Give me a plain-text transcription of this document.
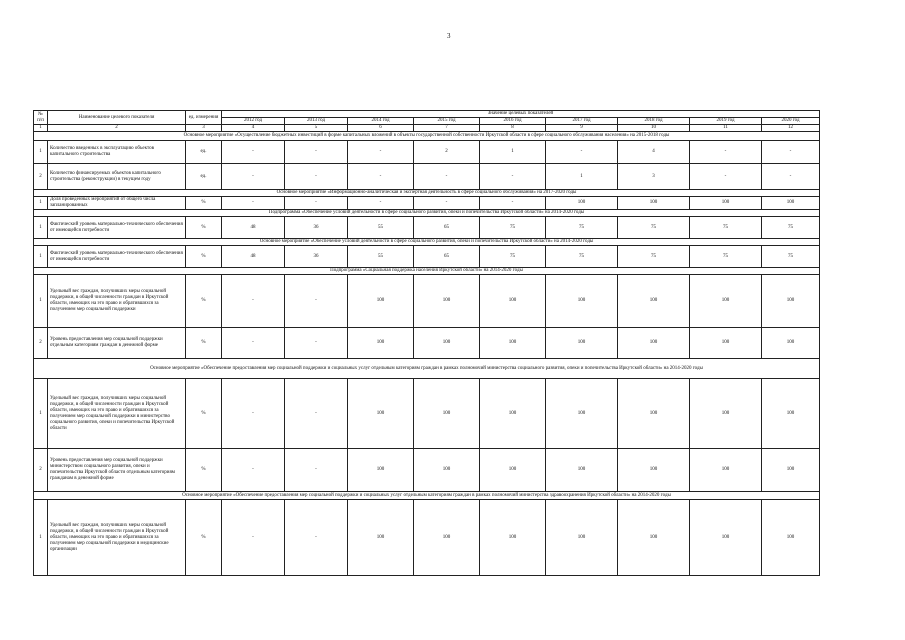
3
№ п/п	Наименование целевого показателя	ед. измерения	Значение целевых показателей								
			2012 год	2013 год	2014 год	2015 год	2016 год	2017 год	2018 год	2019 год	2020 год
1	2	3	4	5	6	7	8	9	10	11	12
Основное мероприятие «Осуществление бюджетных инвестиций в форме капитальных вложений в объекты государственной собственности Иркутской области в сфере социального обслуживания населения» на 2015-2018 годы											
1	Количество введенных в эксплуатацию объектов капитального строительства	ед.	-	-	-	2	1	-	4	-	-
2	Количество финансируемых объектов капитального строительства (реконструкции) в текущем году	ед.	-	-	-	-	-	1	3	-	-
Основное мероприятие «Информационно-аналитическая и экспертная деятельность в сфере социального обслуживания» на 2017-2020 годы											
1	Доля проведенных мероприятий от общего числа запланированных	%	-	-	-	-	-	100	100	100	100
Подпрограмма «Обеспечение условий деятельности в сфере социального развития, опеки и попечительства Иркутской области» на 2014-2020 годы											
1	Фактический уровень материально-технического обеспечения от имеющейся потребности	%	48	36	55	65	75	75	75	75	75
Основное мероприятие «Обеспечение условий деятельности в сфере социального развития, опеки и попечительства Иркутской области» на 2014-2020 годы											
1	Фактический уровень материально-технического обеспечения от имеющейся потребности	%	48	36	55	65	75	75	75	75	75
Подпрограмма «Социальная поддержка населения Иркутской области» на 2014-2020 годы											
1	Удельный вес граждан, получивших меры социальной поддержки, в общей численности граждан в Иркутской области, имеющих на это право и обратившихся за получением мер социальной поддержки	%	-	-	100	100	100	100	100	100	100
2	Уровень предоставления мер социальной поддержки отдельным категориям граждан в денежной форме	%	-	-	100	100	100	100	100	100	100
Основное мероприятие «Обеспечение предоставления мер социальной поддержки и социальных услуг отдельным категориям граждан в рамках полномочий министерства социального развития, опеки и попечительства Иркутской области» на 2014-2020 годы											
1	Удельный вес граждан, получивших меры социальной поддержки, в общей численности граждан в Иркутской области, имеющих на это право и обратившихся за получением мер социальной поддержки в министерство социального развития, опеки и попечительства Иркутской области	%	-	-	100	100	100	100	100	100	100
2	Уровень предоставления мер социальной поддержки министерством социального развития, опеки и попечительства Иркутской области отдельным категориям гражданам в денежной форме	%	-	-	100	100	100	100	100	100	100
Основное мероприятие «Обеспечение предоставления мер социальной поддержки и социальных услуг отдельным категориям граждан в рамках полномочий министерства здравоохранения Иркутской области» на 2014-2020 годы											
1	Удельный вес граждан, получивших меры социальной поддержки, в общей численности граждан в Иркутской области, имеющих на это право и обратившихся за получением мер социальной поддержки в медицинские организации	%	-	-	100	100	100	100	100	100	100
